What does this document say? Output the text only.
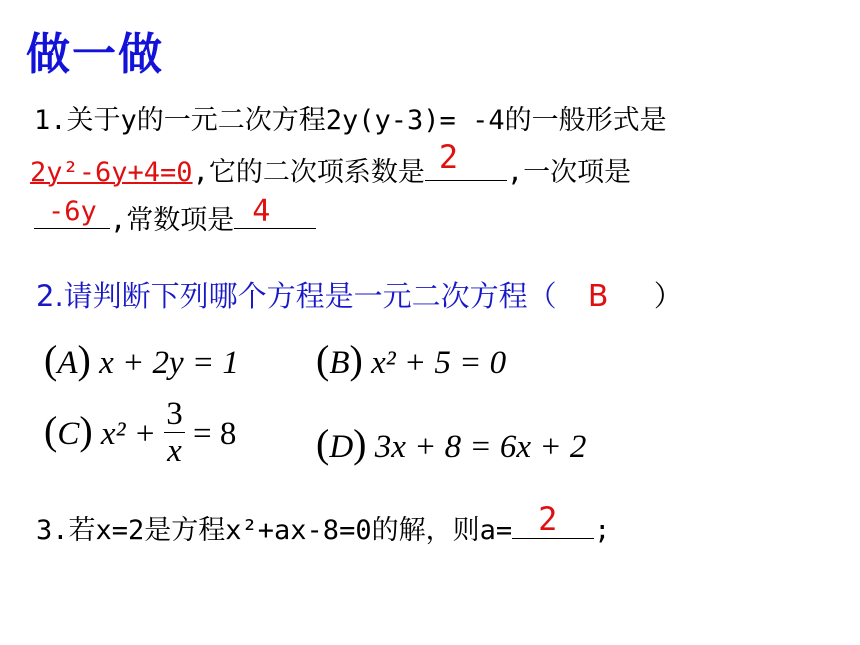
做一做
1.关于y的一元二次方程2y(y-3)= -4的一般形式是
2y²-6y+4=0,它的二次项系数是 2 ,一次项是
-6y ,常数项是 4
2.请判断下列哪个方程是一元二次方程（ B ）
(A) x + 2y = 1 (B) x² + 5 = 0
(C) $x^2 + \frac{3}{x} = 8$ (D) 3x + 8 = 6x + 2
3.若x=2是方程x²+ax-8=0的解，则a= 2 ;
